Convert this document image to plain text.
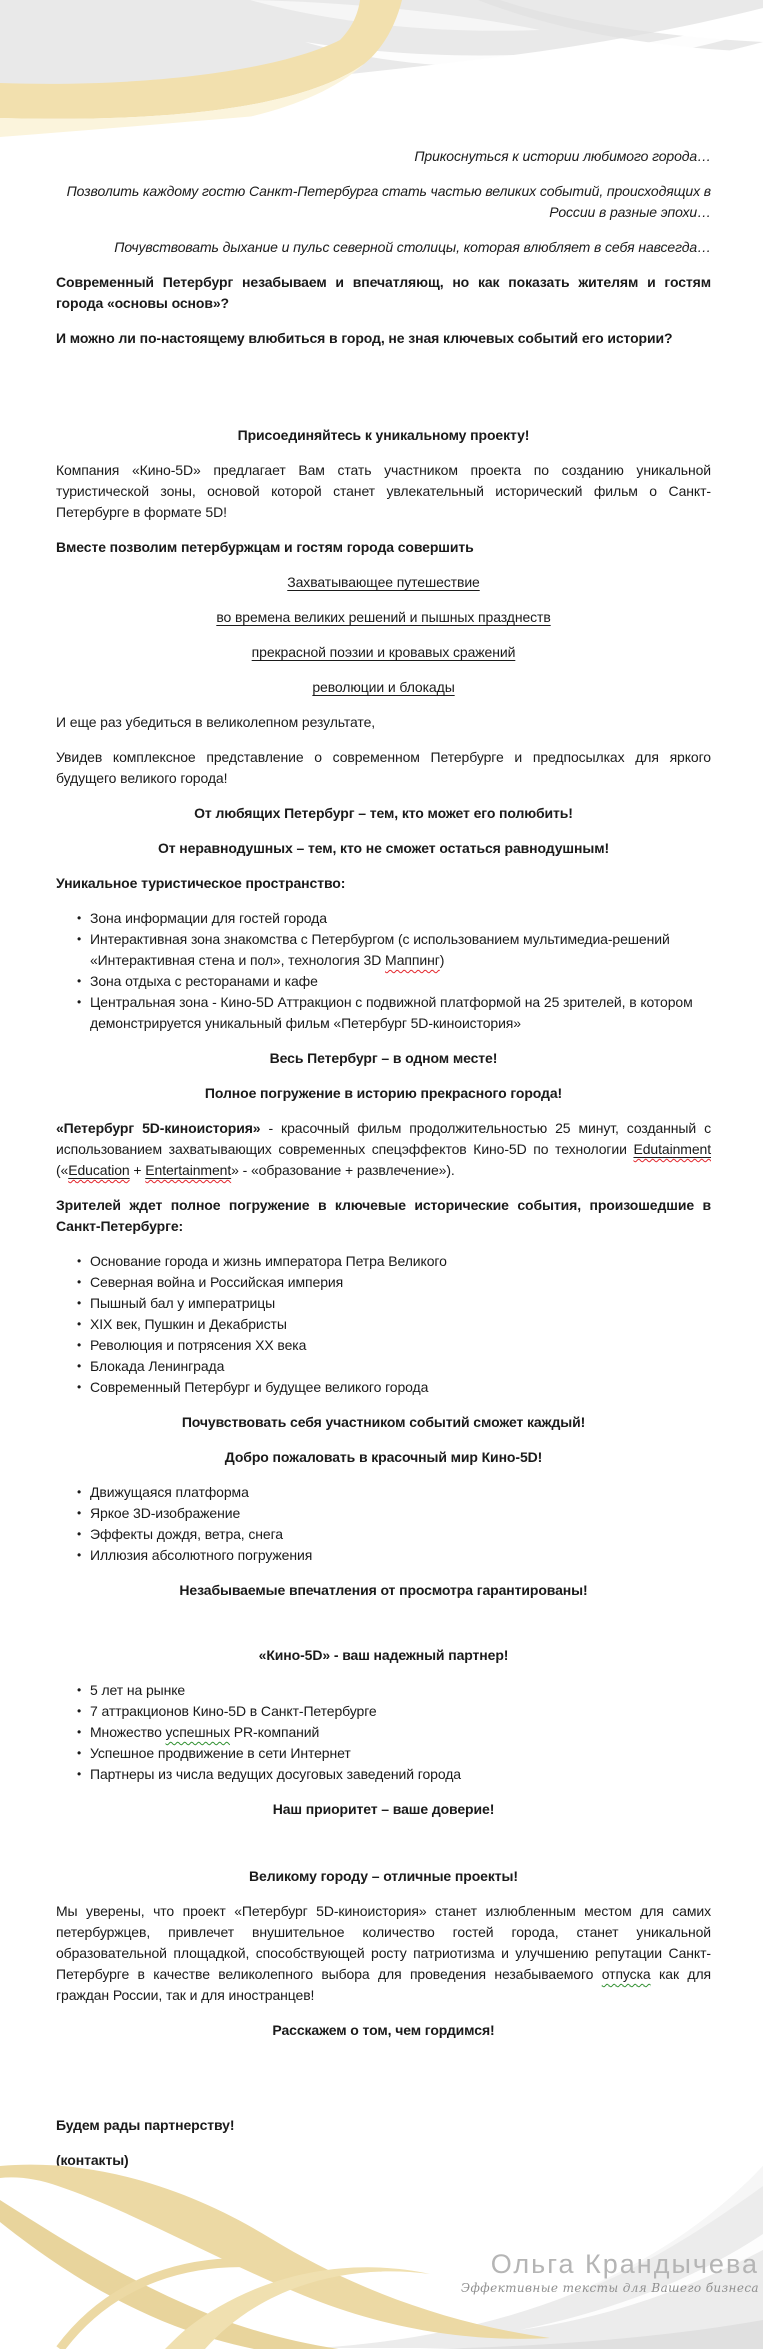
Прикоснуться к истории любимого города…

Позволить каждому гостю Санкт-Петербурга стать частью великих событий, происходящих в России в разные эпохи…

Почувствовать дыхание и пульс северной столицы, которая влюбляет в себя навсегда…

Современный Петербург незабываем и впечатляющ, но как показать жителям и гостям города «основы основ»?

И можно ли по-настоящему влюбиться в город, не зная ключевых событий его истории?

Присоединяйтесь к уникальному проекту!

Компания «Кино-5D» предлагает Вам стать участником проекта по созданию уникальной туристической зоны, основой которой станет увлекательный исторический фильм о Санкт-Петербурге в формате 5D!

Вместе позволим петербуржцам и гостям города совершить

Захватывающее путешествие

во времена великих решений и пышных празднеств

прекрасной поэзии и кровавых сражений

революции и блокады

И еще раз убедиться в великолепном результате,

Увидев комплексное представление о современном Петербурге и предпосылках для яркого будущего великого города!

От любящих Петербург – тем, кто может его полюбить!

От неравнодушных – тем, кто не сможет остаться равнодушным!

Уникальное туристическое пространство:

• Зона информации для гостей города
• Интерактивная зона знакомства с Петербургом (с использованием мультимедиа-решений «Интерактивная стена и пол», технология 3D Маппинг)
• Зона отдыха с ресторанами и кафе
• Центральная зона - Кино-5D Аттракцион с подвижной платформой на 25 зрителей, в котором демонстрируется уникальный фильм «Петербург 5D-киноистория»

Весь Петербург – в одном месте!

Полное погружение в историю прекрасного города!

«Петербург 5D-киноистория» - красочный фильм продолжительностью 25 минут, созданный с использованием захватывающих современных спецэффектов Кино-5D по технологии Edutainment («Education + Entertainment» - «образование + развлечение»).

Зрителей ждет полное погружение в ключевые исторические события, произошедшие в Санкт-Петербурге:

• Основание города и жизнь императора Петра Великого
• Северная война и Российская империя
• Пышный бал у императрицы
• XIX век, Пушкин и Декабристы
• Революция и потрясения XX века
• Блокада Ленинграда
• Современный Петербург и будущее великого города

Почувствовать себя участником событий сможет каждый!

Добро пожаловать в красочный мир Кино-5D!

• Движущаяся платформа
• Яркое 3D-изображение
• Эффекты дождя, ветра, снега
• Иллюзия абсолютного погружения

Незабываемые впечатления от просмотра гарантированы!

«Кино-5D» - ваш надежный партнер!

• 5 лет на рынке
• 7 аттракционов Кино-5D в Санкт-Петербурге
• Множество успешных PR-компаний
• Успешное продвижение в сети Интернет
• Партнеры из числа ведущих досуговых заведений города

Наш приоритет – ваше доверие!

Великому городу – отличные проекты!

Мы уверены, что проект «Петербург 5D-киноистория» станет излюбленным местом для самих петербуржцев, привлечет внушительное количество гостей города, станет уникальной образовательной площадкой, способствующей росту патриотизма и улучшению репутации Санкт-Петербурге в качестве великолепного выбора для проведения незабываемого отпуска как для граждан России, так и для иностранцев!

Расскажем о том, чем гордимся!

Будем рады партнерству!

(контакты)

Ольга Крандычева
Эффективные тексты для Вашего бизнеса
